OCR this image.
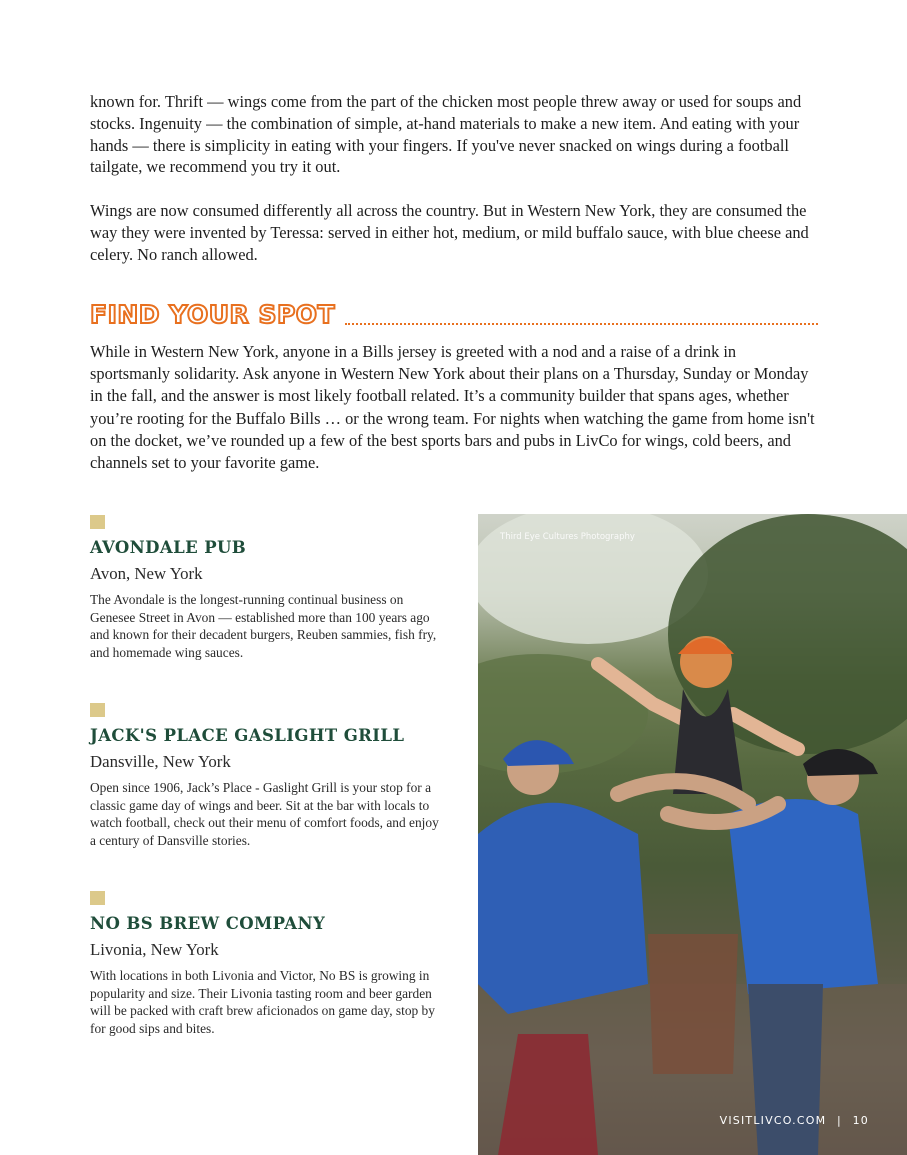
known for. Thrift — wings come from the part of the chicken most people threw away or used for soups and stocks. Ingenuity — the combination of simple, at-hand materials to make a new item. And eating with your hands — there is simplicity in eating with your fingers. If you've never snacked on wings during a football tailgate, we recommend you try it out.

Wings are now consumed differently all across the country. But in Western New York, they are consumed the way they were invented by Teressa: served in either hot, medium, or mild buffalo sauce, with blue cheese and celery. No ranch allowed.

FIND YOUR SPOT

While in Western New York, anyone in a Bills jersey is greeted with a nod and a raise of a drink in sportsmanly solidarity. Ask anyone in Western New York about their plans on a Thursday, Sunday or Monday in the fall, and the answer is most likely football related. It’s a community builder that spans ages, whether you’re rooting for the Buffalo Bills … or the wrong team. For nights when watching the game from home isn't on the docket, we’ve rounded up a few of the best sports bars and pubs in LivCo for wings, cold beers, and channels set to your favorite game.

AVONDALE PUB
Avon, New York

The Avondale is the longest-running continual business on Genesee Street in Avon — established more than 100 years ago and known for their decadent burgers, Reuben sammies, fish fry, and homemade wing sauces.

JACK'S PLACE GASLIGHT GRILL
Dansville, New York

Open since 1906, Jack’s Place - Gaslight Grill is your stop for a classic game day of wings and beer. Sit at the bar with locals to watch football, check out their menu of comfort foods, and enjoy a century of Dansville stories.

NO BS BREW COMPANY
Livonia, New York

With locations in both Livonia and Victor, No BS is growing in popularity and size. Their Livonia tasting room and beer garden will be packed with craft brew aficionados on game day, stop by for good sips and bites.

Third Eye Cultures Photography
VISITLIVCO.COM | 10
